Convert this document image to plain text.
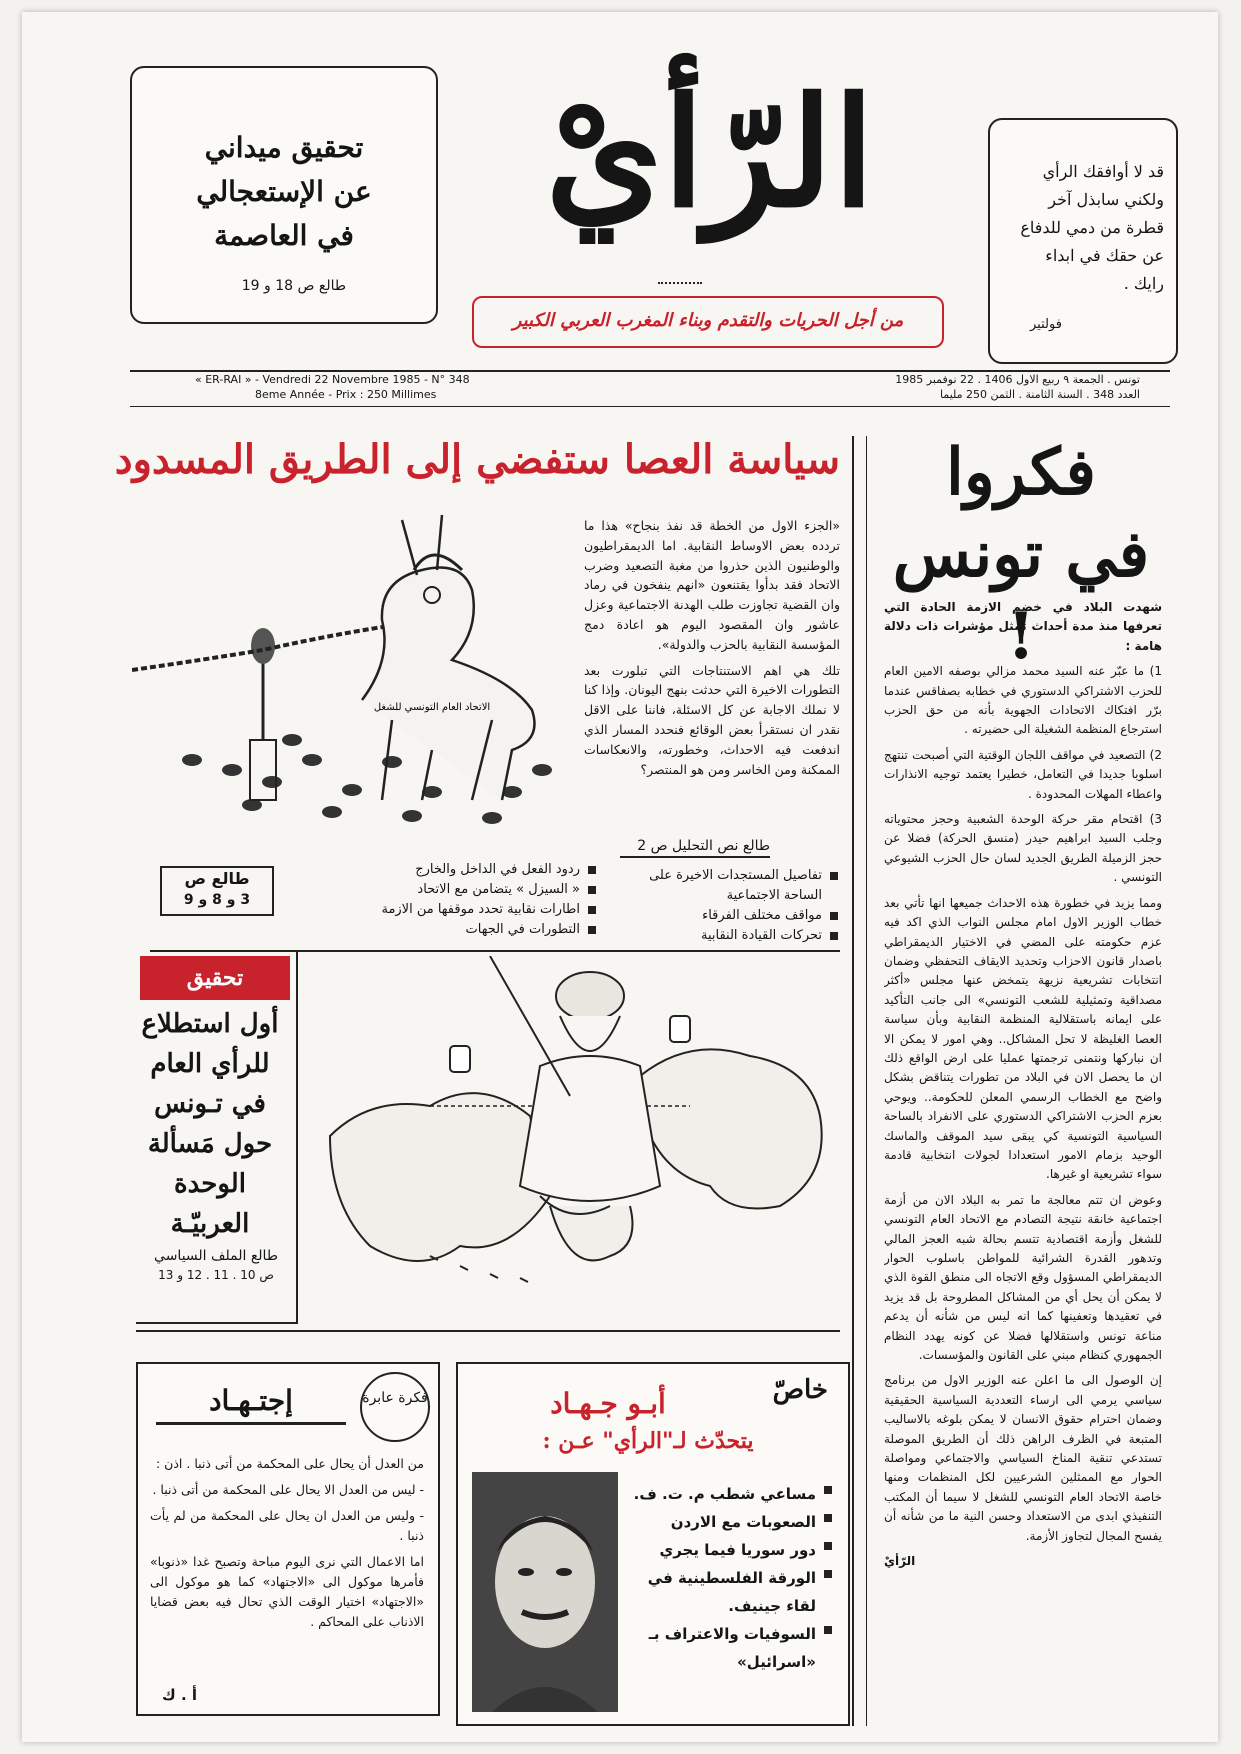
قد لا أوافقك الرأي
ولكني سابذل آخر
قطرة من دمي للدفاع
عن حقك في ابداء
رايك .
فولتير
تحقيق ميداني
عن الإستعجالي
في العاصمة
طالع ص 18 و 19
الرّأيْ
من أجل الحريات والتقدم وبناء المغرب العربي الكبير
« ER-RAI » - Vendredi 22 Novembre 1985 - N° 348
8eme Année - Prix : 250 Millimes
تونس . الجمعة ٩ ربيع الاول 1406 . 22 نوفمبر 1985
العدد 348 . السنة الثامنة . الثمن 250 مليما
فكروا
في تونس !

شهدت البلاد في خضم الازمة الحادة التي تعرفها منذ مدة أحداث تمثل مؤشرات ذات دلالة هامة :

1) ما عبّر عنه السيد محمد مزالي بوصفه الامين العام للحزب الاشتراكي الدستوري في خطابه بصفاقس عندما برّر افتكاك الاتحادات الجهوية بأنه من حق الحزب استرجاع المنظمة الشغيلة الى حضيرته .

2) التصعيد في مواقف اللجان الوقتية التي أصبحت تنتهج اسلوبا جديدا في التعامل، خطيرا يعتمد توجيه الانذارات واعطاء المهلات المحدودة .

3) اقتحام مقر حركة الوحدة الشعبية وحجز محتوياته وجلب السيد ابراهيم حيدر (منسق الحركة) فضلا عن حجز الزميلة الطريق الجديد لسان حال الحزب الشيوعي التونسي .

ومما يزيد في خطورة هذه الاحداث جميعها انها تأتي بعد خطاب الوزير الاول امام مجلس النواب الذي اكد فيه عزم حكومته على المضي في الاختيار الديمقراطي باصدار قانون الاحزاب وتحديد الايقاف التحفظي وضمان انتخابات تشريعية نزيهة يتمخض عنها مجلس «أكثر مصداقية وتمثيلية للشعب التونسي» الى جانب التأكيد على ايمانه باستقلالية المنظمة النقابية وبأن سياسة العصا الغليظة لا تحل المشاكل.. وهي امور لا يمكن الا ان نباركها ونتمنى ترجمتها عمليا على ارض الواقع ذلك ان ما يحصل الان في البلاد من تطورات يتناقض بشكل واضح مع الخطاب الرسمي المعلن للحكومة.. ويوحي بعزم الحزب الاشتراكي الدستوري على الانفراد بالساحة السياسية التونسية كي يبقى سيد الموقف والماسك الوحيد بزمام الامور استعدادا لجولات انتخابية قادمة سواء تشريعية او غيرها.

وعوض ان تتم معالجة ما تمر به البلاد الان من أزمة اجتماعية خانقة نتيجة التصادم مع الاتحاد العام التونسي للشغل وأزمة اقتصادية تتسم بحالة شبه العجز المالي وتدهور القدرة الشرائية للمواطن باسلوب الحوار الديمقراطي المسؤول وقع الاتجاه الى منطق القوة الذي لا يمكن أن يحل أي من المشاكل المطروحة بل قد يزيد في تعقيدها وتعفينها كما انه ليس من شأنه أن يدعم مناعة تونس واستقلالها فضلا عن كونه يهدد النظام الجمهوري كنظام مبني على القانون والمؤسسات.

إن الوصول الى ما اعلن عنه الوزير الاول من برنامج سياسي يرمي الى ارساء التعددية السياسية الحقيقية وضمان احترام حقوق الانسان لا يمكن بلوغه بالاساليب المتبعة في الظرف الراهن ذلك أن الطريق الموصلة تستدعي تنقية المناخ السياسي والاجتماعي ومواصلة الحوار مع الممثلين الشرعيين لكل المنظمات ومنها خاصة الاتحاد العام التونسي للشغل لا سيما أن المكتب التنفيذي ابدى من الاستعداد وحسن النية ما من شأنه أن يفسح المجال لتجاوز الأزمة.

الرّأيْ

سياسة العصا ستفضي إلى الطريق المسدود
الاتحاد العام التونسي للشغل

«الجزء الاول من الخطة قد نفذ بنجاح» هذا ما تردده بعض الاوساط النقابية. اما الديمقراطيون والوطنيون الذين حذروا من مغبة التصعيد وضرب الاتحاد فقد بدأوا يقتنعون «انهم ينفخون في رماد وان القضية تجاوزت طلب الهدنة الاجتماعية وعزل عاشور وان المقصود اليوم هو اعادة دمج المؤسسة النقابية بالحزب والدولة».

تلك هي اهم الاستنتاجات التي تبلورت بعد التطورات الاخيرة التي حدثت بنهج اليونان. وإذا كنا لا نملك الاجابة عن كل الاسئلة، فاننا على الاقل نقدر ان نستقرأ بعض الوقائع فنحدد المسار الذي اندفعت فيه الاحداث، وخطورته، والانعكاسات الممكنة ومن الخاسر ومن هو المنتصر؟

طالع نص التحليل ص 2
تفاصيل المستجدات الاخيرة على الساحة الاجتماعية
مواقف مختلف الفرقاء
تحركات القيادة النقابية
ردود الفعل في الداخل والخارج
« السيزل » يتضامن مع الاتحاد
اطارات نقابية تحدد موقفها من الازمة
التطورات في الجهات
طالع ص
3 و 8 و 9
تحقيق
أول استطلاع
للرأي العام
في تـونس
حول مَسألة
الوحدة
العربيّـة
طالع الملف السياسي
ص 10 . 11 . 12 و 13
فكرة عابرة
إجتـهـاد

من العدل أن يحال على المحكمة من أتى ذنبا . اذن :

- ليس من العدل الا يحال على المحكمة من أتى ذنبا .

- وليس من العدل ان يحال على المحكمة من لم يأت ذنبا .

اما الاعمال التي نرى اليوم مباحة وتصبح غدا «ذنوبا» فأمرها موكول الى «الاجتهاد» كما هو موكول الى «الاجتهاد» اختيار الوقت الذي تحال فيه بعض قضايا الاذناب على المحاكم .

أ . ك
خاصّ
أبـو جـهـاد
يتحدّث لـ"الرأي" عـن :
مساعي شطب م. ت. ف.
الصعوبات مع الاردن
دور سوريا فيما يجري
الورقة الفلسطينية في لقاء جينيف.
السوفيات والاعتراف بـ «اسرائيل»
